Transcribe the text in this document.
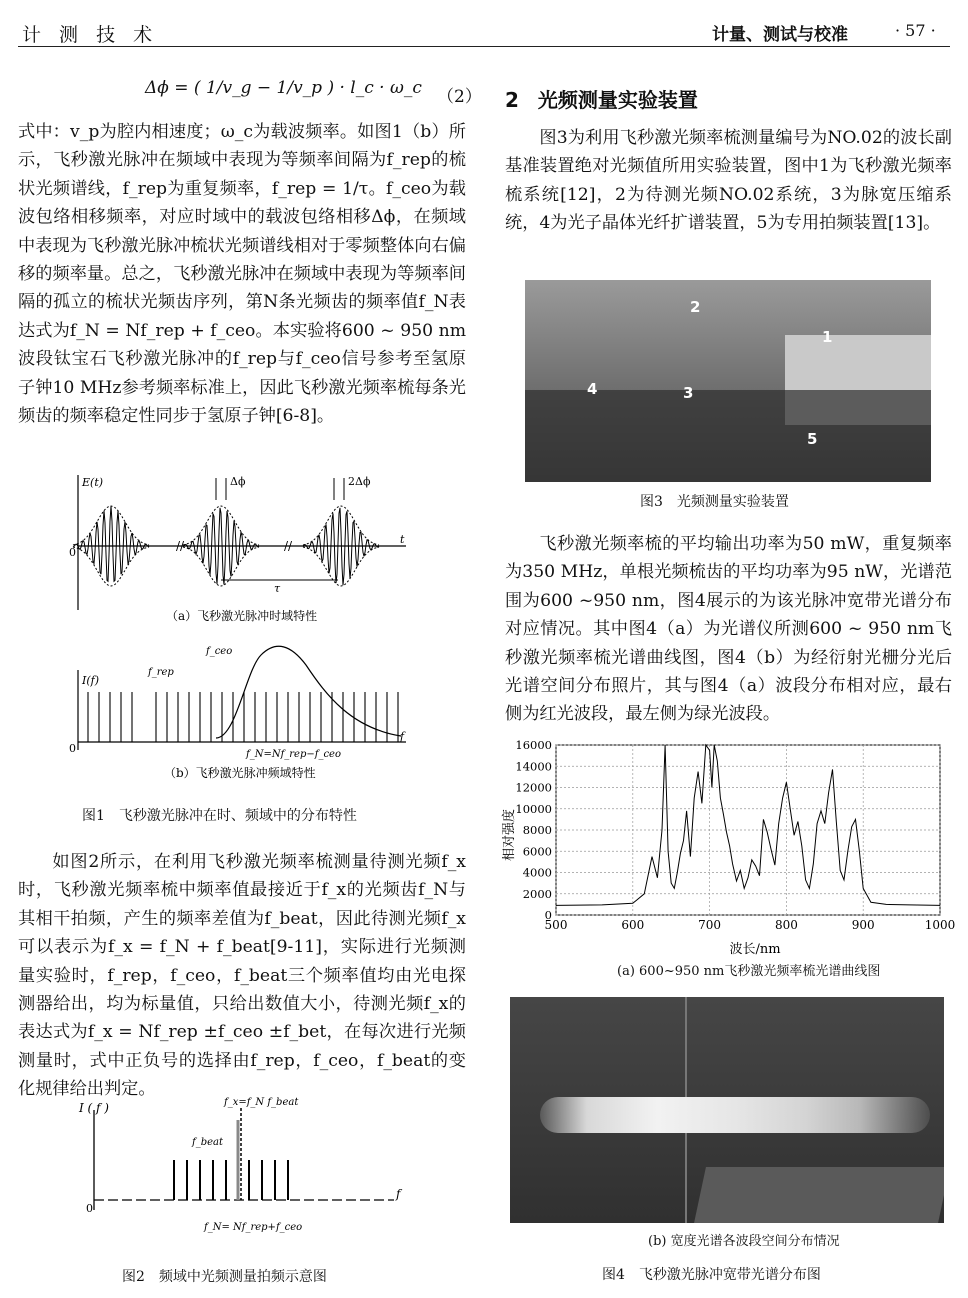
计 测 技 术	计量、测试与校准	· 57 ·
Δϕ = ( 1/v_g − 1/v_p ) · l_c · ω_c （2）

式中：v_p为腔内相速度；ω_c为载波频率。如图1（b）所示，飞秒激光脉冲在频域中表现为等频率间隔为f_rep的梳状光频谱线，f_rep为重复频率，f_rep = 1/τ。f_ceo为载波包络相移频率，对应时域中的载波包络相移Δϕ，在频域中表现为飞秒激光脉冲梳状光频谱线相对于零频整体向右偏移的频率量。总之，飞秒激光脉冲在频域中表现为等频率间隔的孤立的梳状光频齿序列，第N条光频齿的频率值f_N表达式为f_N = Nf_rep + f_ceo。本实验将600 ~ 950 nm波段钛宝石飞秒激光脉冲的f_rep与f_ceo信号参考至氢原子钟10 MHz参考频率标准上，因此飞秒激光频率梳每条光频齿的频率稳定性同步于氢原子钟[6-8]。

E(t)
0
t
//	//
Δϕ	2Δϕ
τ
（a）飞秒激光脉冲时域特性
I(f)
0
f
f_rep
f_ceo
f_N=Nf_rep−f_ceo
（b）飞秒激光脉冲频域特性
图1　飞秒激光脉冲在时、频域中的分布特性

如图2所示，在利用飞秒激光频率梳测量待测光频f_x时，飞秒激光频率梳中频率值最接近于f_x的光频齿f_N与其相干拍频，产生的频率差值为f_beat，因此待测光频f_x可以表示为f_x = f_N + f_beat[9-11]，实际进行光频测量实验时，f_rep，f_ceo，f_beat三个频率值均由光电探测器给出，均为标量值，只给出数值大小，待测光频f_x的表达式为f_x = Nf_rep ±f_ceo ±f_bet，在每次进行光频测量时，式中正负号的选择由f_rep，f_ceo，f_beat的变化规律给出判定。

I ( f )
0
f
f_x=f_N f_beat
f_beat
f_N= Nf_rep+f_ceo
图2　频域中光频测量拍频示意图
2 光频测量实验装置

图3为利用飞秒激光频率梳测量编号为NO.02的波长副基准装置绝对光频值所用实验装置，图中1为飞秒激光频率梳系统[12]，2为待测光频NO.02系统，3为脉宽压缩系统，4为光子晶体光纤扩谱装置，5为专用拍频装置[13]。

2
1
4	3
5
图3　光频测量实验装置

飞秒激光频率梳的平均输出功率为50 mW，重复频率为350 MHz，单根光频梳齿的平均功率为95 nW，光谱范围为600 ~950 nm，图4展示的为该光脉冲宽带光谱分布对应情况。其中图4（a）为光谱仪所测600 ~ 950 nm飞秒激光频率梳光谱曲线图，图4（b）为经衍射光栅分光后光谱空间分布照片，其与图4（a）波段分布相对应，最右侧为红光波段，最左侧为绿光波段。

500	600	700	800	900	1000
0
2000
4000
6000
8000
10000
12000
14000
16000
波长/nm
相对强度
(a) 600~950 nm飞秒激光频率梳光谱曲线图
(b) 宽度光谱各波段空间分布情况
图4　飞秒激光脉冲宽带光谱分布图
